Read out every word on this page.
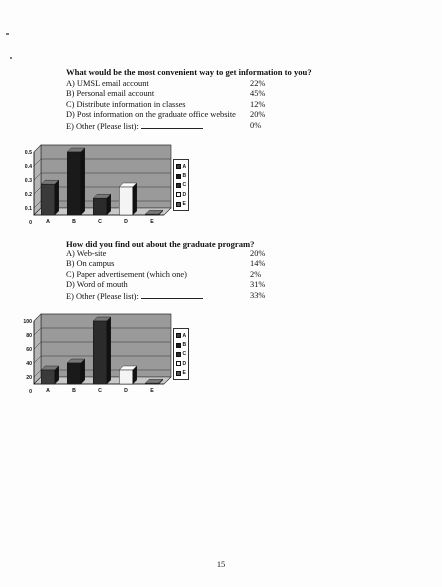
What would be the most convenient way to get information to you?
A) UMSL email account	22%
B) Personal email account	45%
C) Distribute information in classes	12%
D) Post information on the graduate office website 20%
E) Other (Please list):	0%
0
0.1
0.2
0.3
0.4
0.5
A	B	C	D	E
A
B
C
D
E
How did you find out about the graduate program?
A) Web-site	20%
B) On campus	14%
C) Paper advertisement (which one)	2%
D) Word of mouth	31%
E) Other (Please list):	33%
0
20
40
60
80
100
A	B	C	D	E
A
B
C
D
E
15
